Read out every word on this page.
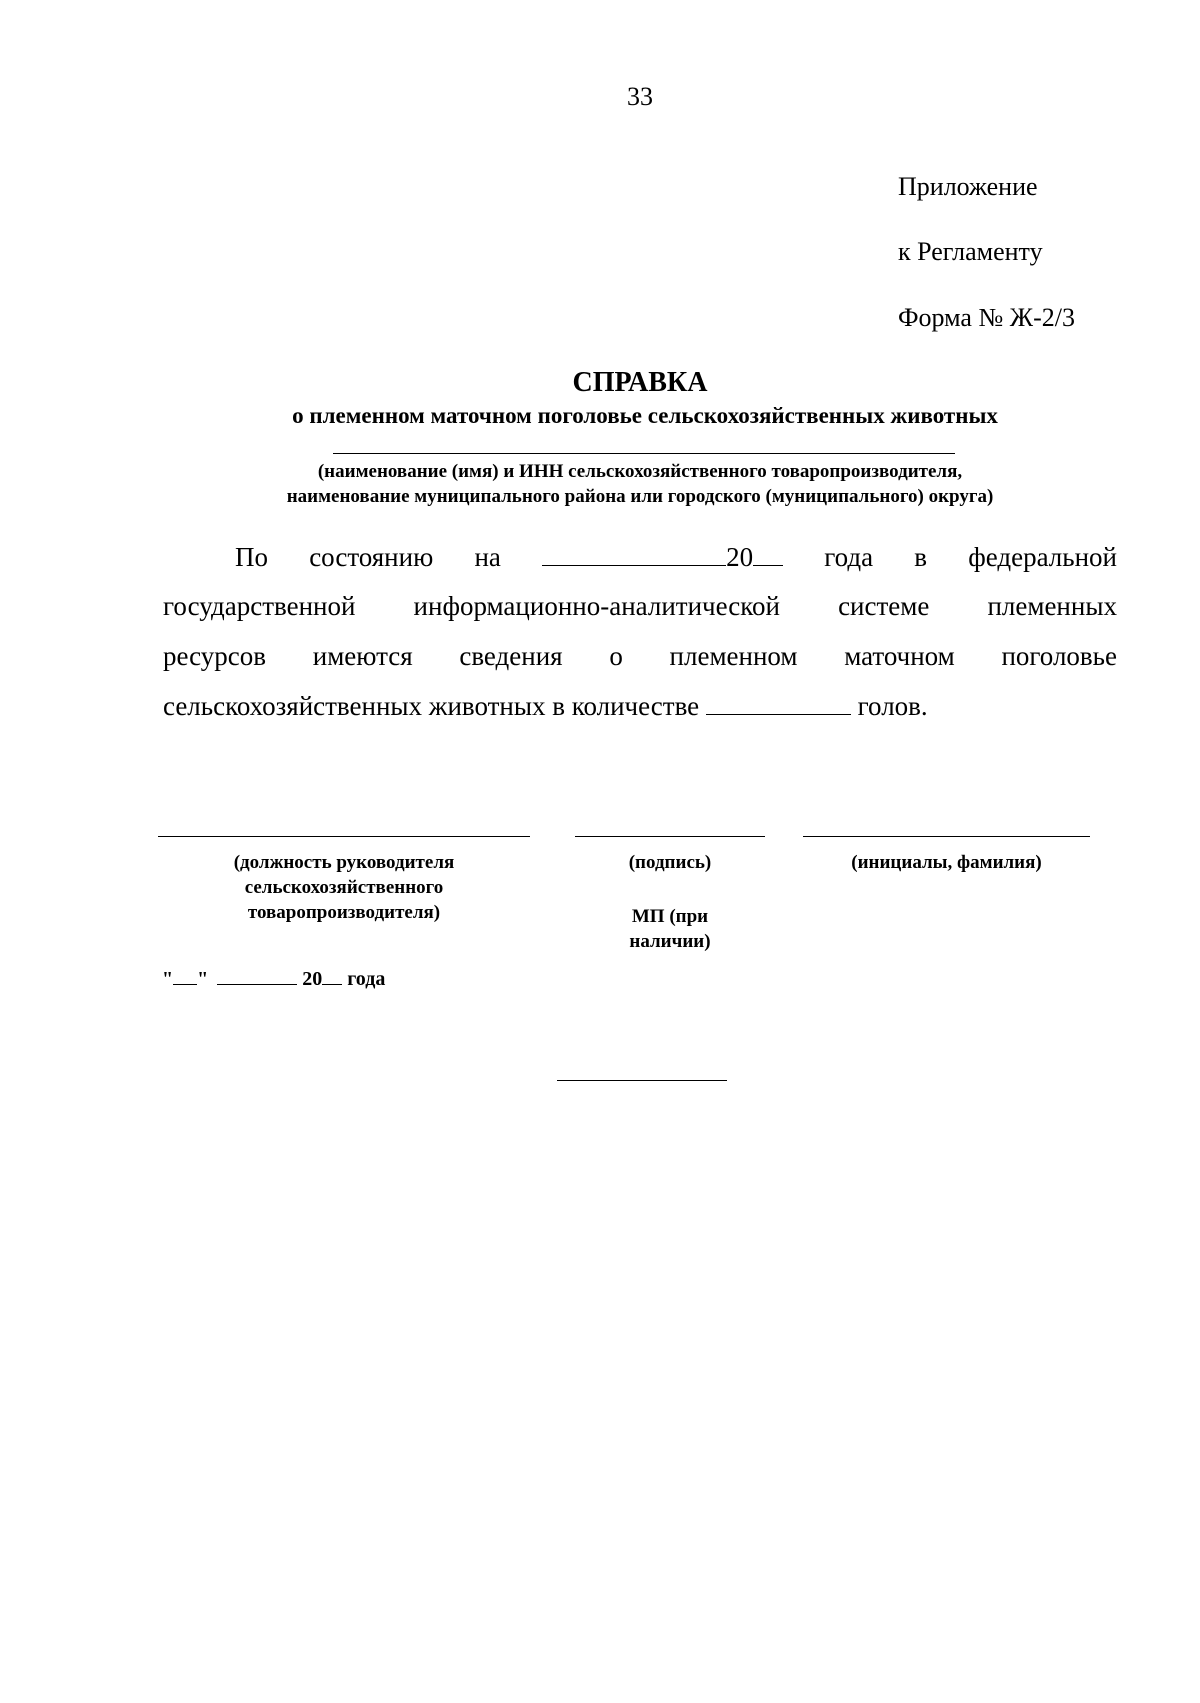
33
Приложение
к Регламенту
Форма № Ж-2/3
СПРАВКА
о племенном маточном поголовье сельскохозяйственных животных
(наименование (имя) и ИНН сельскохозяйственного товаропроизводителя,
наименование муниципального района или городского (муниципального) округа)
По состоянию на	20	года в федеральной
государственной информационно-аналитической системе племенных
ресурсов имеются сведения о племенном маточном поголовье
сельскохозяйственных животных в количестве	голов.
(должность руководителя
сельскохозяйственного
товаропроизводителя)
(подпись)
МП (при
наличии)
(инициалы, фамилия)
" "	20 года
